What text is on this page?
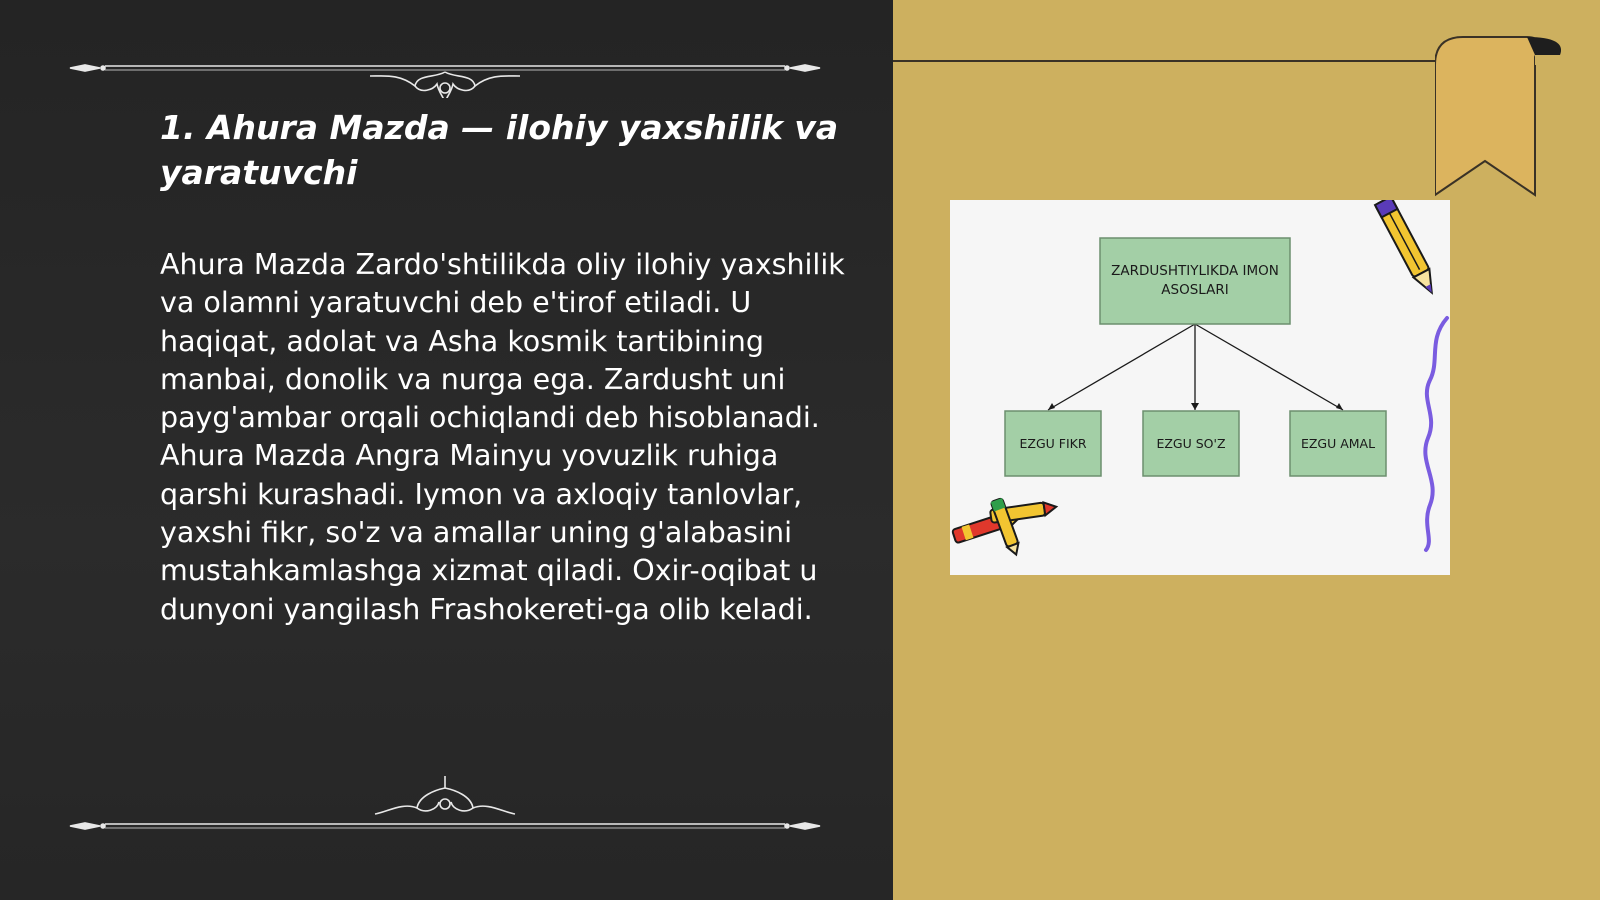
1. Ahura Mazda — ilohiy yaxshilik va yaratuvchi

Ahura Mazda Zardo'shtilikda oliy ilohiy yaxshilik va olamni yaratuvchi deb e'tirof etiladi. U haqiqat, adolat va Asha kosmik tartibining manbai, donolik va nurga ega. Zardusht uni payg'ambar orqali ochiqlandi deb hisoblanadi. Ahura Mazda Angra Mainyu yovuzlik ruhiga qarshi kurashadi. Iymon va axloqiy tanlovlar, yaxshi fikr, so'z va amallar uning g'alabasini mustahkamlashga xizmat qiladi. Oxir-oqibat u dunyoni yangilash Frashokereti-ga olib keladi.

ZARDUSHTIYLIKDA IMON ASOSLARI
EZGU FIKR	EZGU SO'Z	EZGU AMAL
